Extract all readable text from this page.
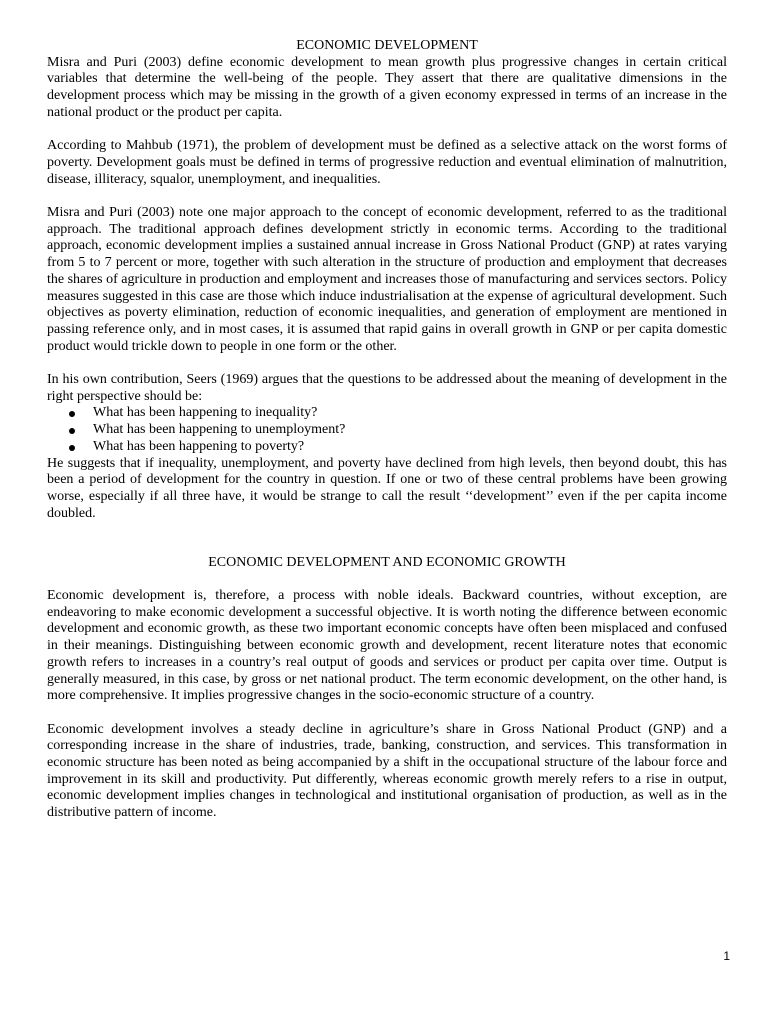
ECONOMIC DEVELOPMENT

Misra and Puri (2003) define economic development to mean growth plus progressive changes in certain critical variables that determine the well-being of the people. They assert that there are qualitative dimensions in the development process which may be missing in the growth of a given economy expressed in terms of an increase in the national product or the product per capita.

According to Mahbub (1971), the problem of development must be defined as a selective attack on the worst forms of poverty. Development goals must be defined in terms of progressive reduction and eventual elimination of malnutrition, disease, illiteracy, squalor, unemployment, and inequalities.

Misra and Puri (2003) note one major approach to the concept of economic development, referred to as the traditional approach. The traditional approach defines development strictly in economic terms. According to the traditional approach, economic development implies a sustained annual increase in Gross National Product (GNP) at rates varying from 5 to 7 percent or more, together with such alteration in the structure of production and employment that decreases the shares of agriculture in production and employment and increases those of manufacturing and services sectors. Policy measures suggested in this case are those which induce industrialisation at the expense of agricultural development. Such objectives as poverty elimination, reduction of economic inequalities, and generation of employment are mentioned in passing reference only, and in most cases, it is assumed that rapid gains in overall growth in GNP or per capita domestic product would trickle down to people in one form or the other.

In his own contribution, Seers (1969) argues that the questions to be addressed about the meaning of development in the right perspective should be:

What has been happening to inequality?
What has been happening to unemployment?
What has been happening to poverty?

He suggests that if inequality, unemployment, and poverty have declined from high levels, then beyond doubt, this has been a period of development for the country in question. If one or two of these central problems have been growing worse, especially if all three have, it would be strange to call the result ‘‘development’’ even if the per capita income doubled.

ECONOMIC DEVELOPMENT AND ECONOMIC GROWTH

Economic development is, therefore, a process with noble ideals. Backward countries, without exception, are endeavoring to make economic development a successful objective. It is worth noting the difference between economic development and economic growth, as these two important economic concepts have often been misplaced and confused in their meanings. Distinguishing between economic growth and development, recent literature notes that economic growth refers to increases in a country’s real output of goods and services or product per capita over time. Output is generally measured, in this case, by gross or net national product. The term economic development, on the other hand, is more comprehensive. It implies progressive changes in the socio-economic structure of a country.

Economic development involves a steady decline in agriculture’s share in Gross National Product (GNP) and a corresponding increase in the share of industries, trade, banking, construction, and services. This transformation in economic structure has been noted as being accompanied by a shift in the occupational structure of the labour force and improvement in its skill and productivity. Put differently, whereas economic growth merely refers to a rise in output, economic development implies changes in technological and institutional organisation of production, as well as in the distributive pattern of income.

1
